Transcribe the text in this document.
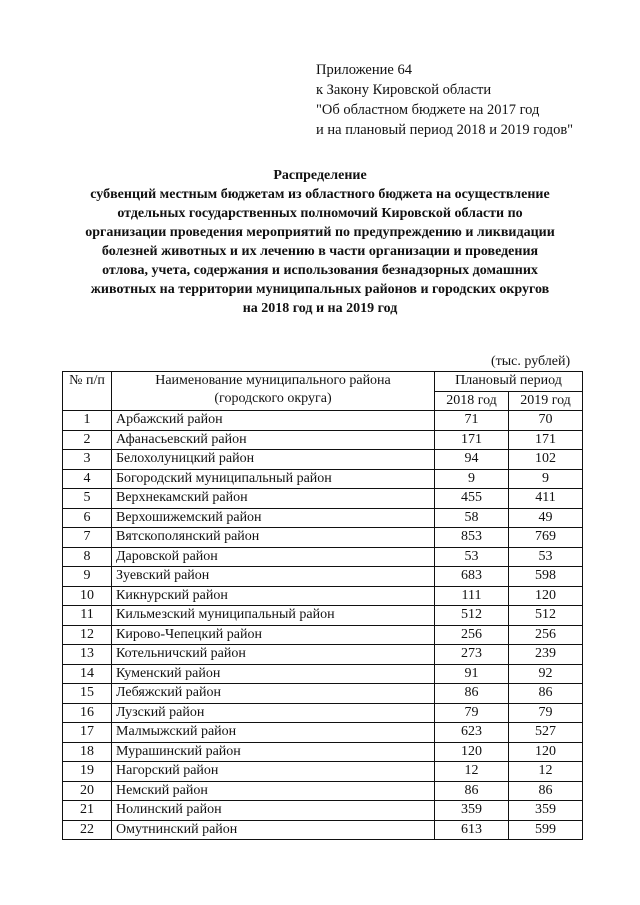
Приложение 64
к Закону Кировской области
"Об областном бюджете на 2017 год
и на плановый период 2018 и 2019 годов"
Распределение
субвенций местным бюджетам из областного бюджета на осуществление
отдельных государственных полномочий Кировской области по
организации проведения мероприятий по предупреждению и ликвидации
болезней животных и их лечению в части организации и проведения
отлова, учета, содержания и использования безнадзорных домашних
животных на территории муниципальных районов и городских округов
на 2018 год и на 2019 год
(тыс. рублей)
№ п/п	Наименование муниципального района
(городского округа)	Плановый период	
		2018 год	2019 год
1	Арбажский район	71	70
2	Афанасьевский район	171	171
3	Белохолуницкий район	94	102
4	Богородский муниципальный район	9	9
5	Верхнекамский район	455	411
6	Верхошижемский район	58	49
7	Вятскополянский район	853	769
8	Даровской район	53	53
9	Зуевский район	683	598
10	Кикнурский район	111	120
11	Кильмезский муниципальный район	512	512
12	Кирово-Чепецкий район	256	256
13	Котельничский район	273	239
14	Куменский район	91	92
15	Лебяжский район	86	86
16	Лузский район	79	79
17	Малмыжский район	623	527
18	Мурашинский район	120	120
19	Нагорский район	12	12
20	Немский район	86	86
21	Нолинский район	359	359
22	Омутнинский район	613	599
